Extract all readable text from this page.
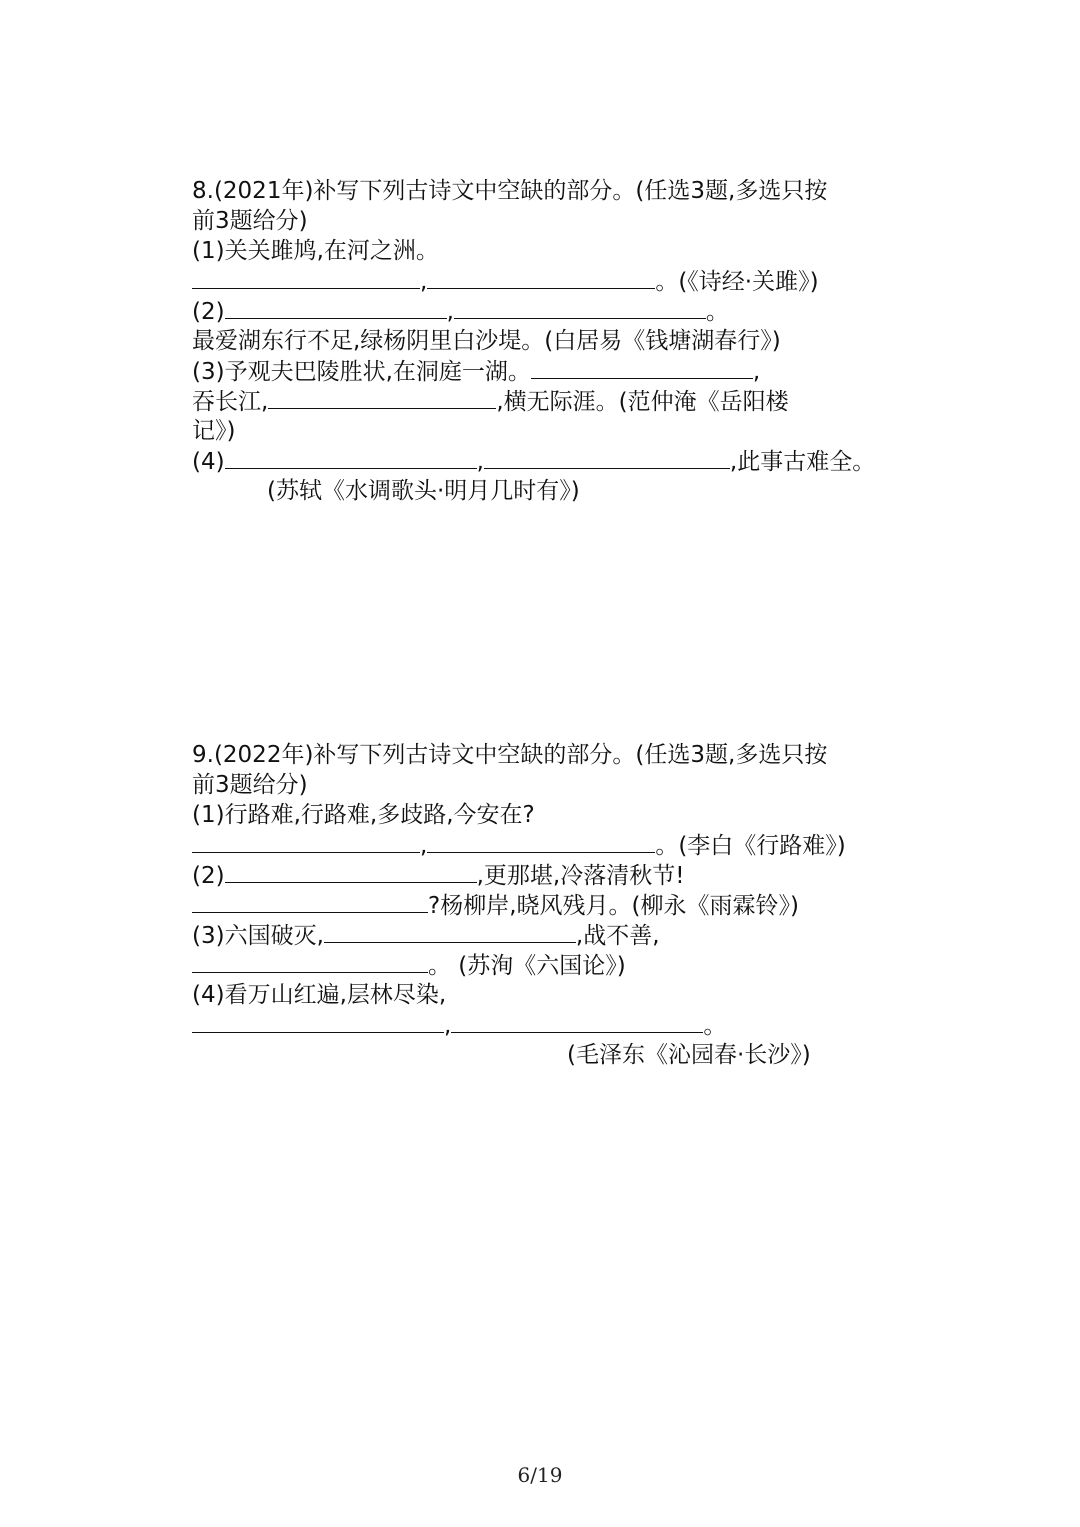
8.(2021年)补写下列古诗文中空缺的部分。(任选3题,多选只按
前3题给分)
(1)关关雎鸠,在河之洲。
,	。(《诗经·关雎》)
(2)	,	。
最爱湖东行不足,绿杨阴里白沙堤。(白居易《钱塘湖春行》)
(3)予观夫巴陵胜状,在洞庭一湖。	,
吞长江,	,横无际涯。(范仲淹《岳阳楼
记》)
(4)	,	,此事古难全。
(苏轼《水调歌头·明月几时有》)
9.(2022年)补写下列古诗文中空缺的部分。(任选3题,多选只按
前3题给分)
(1)行路难,行路难,多歧路,今安在?
,	。(李白《行路难》)
(2)	,更那堪,冷落清秋节!
?杨柳岸,晓风残月。(柳永《雨霖铃》)
(3)六国破灭,	,战不善,
。 (苏洵《六国论》)
(4)看万山红遍,层林尽染,
,	。
(毛泽东《沁园春·长沙》)
6/19
